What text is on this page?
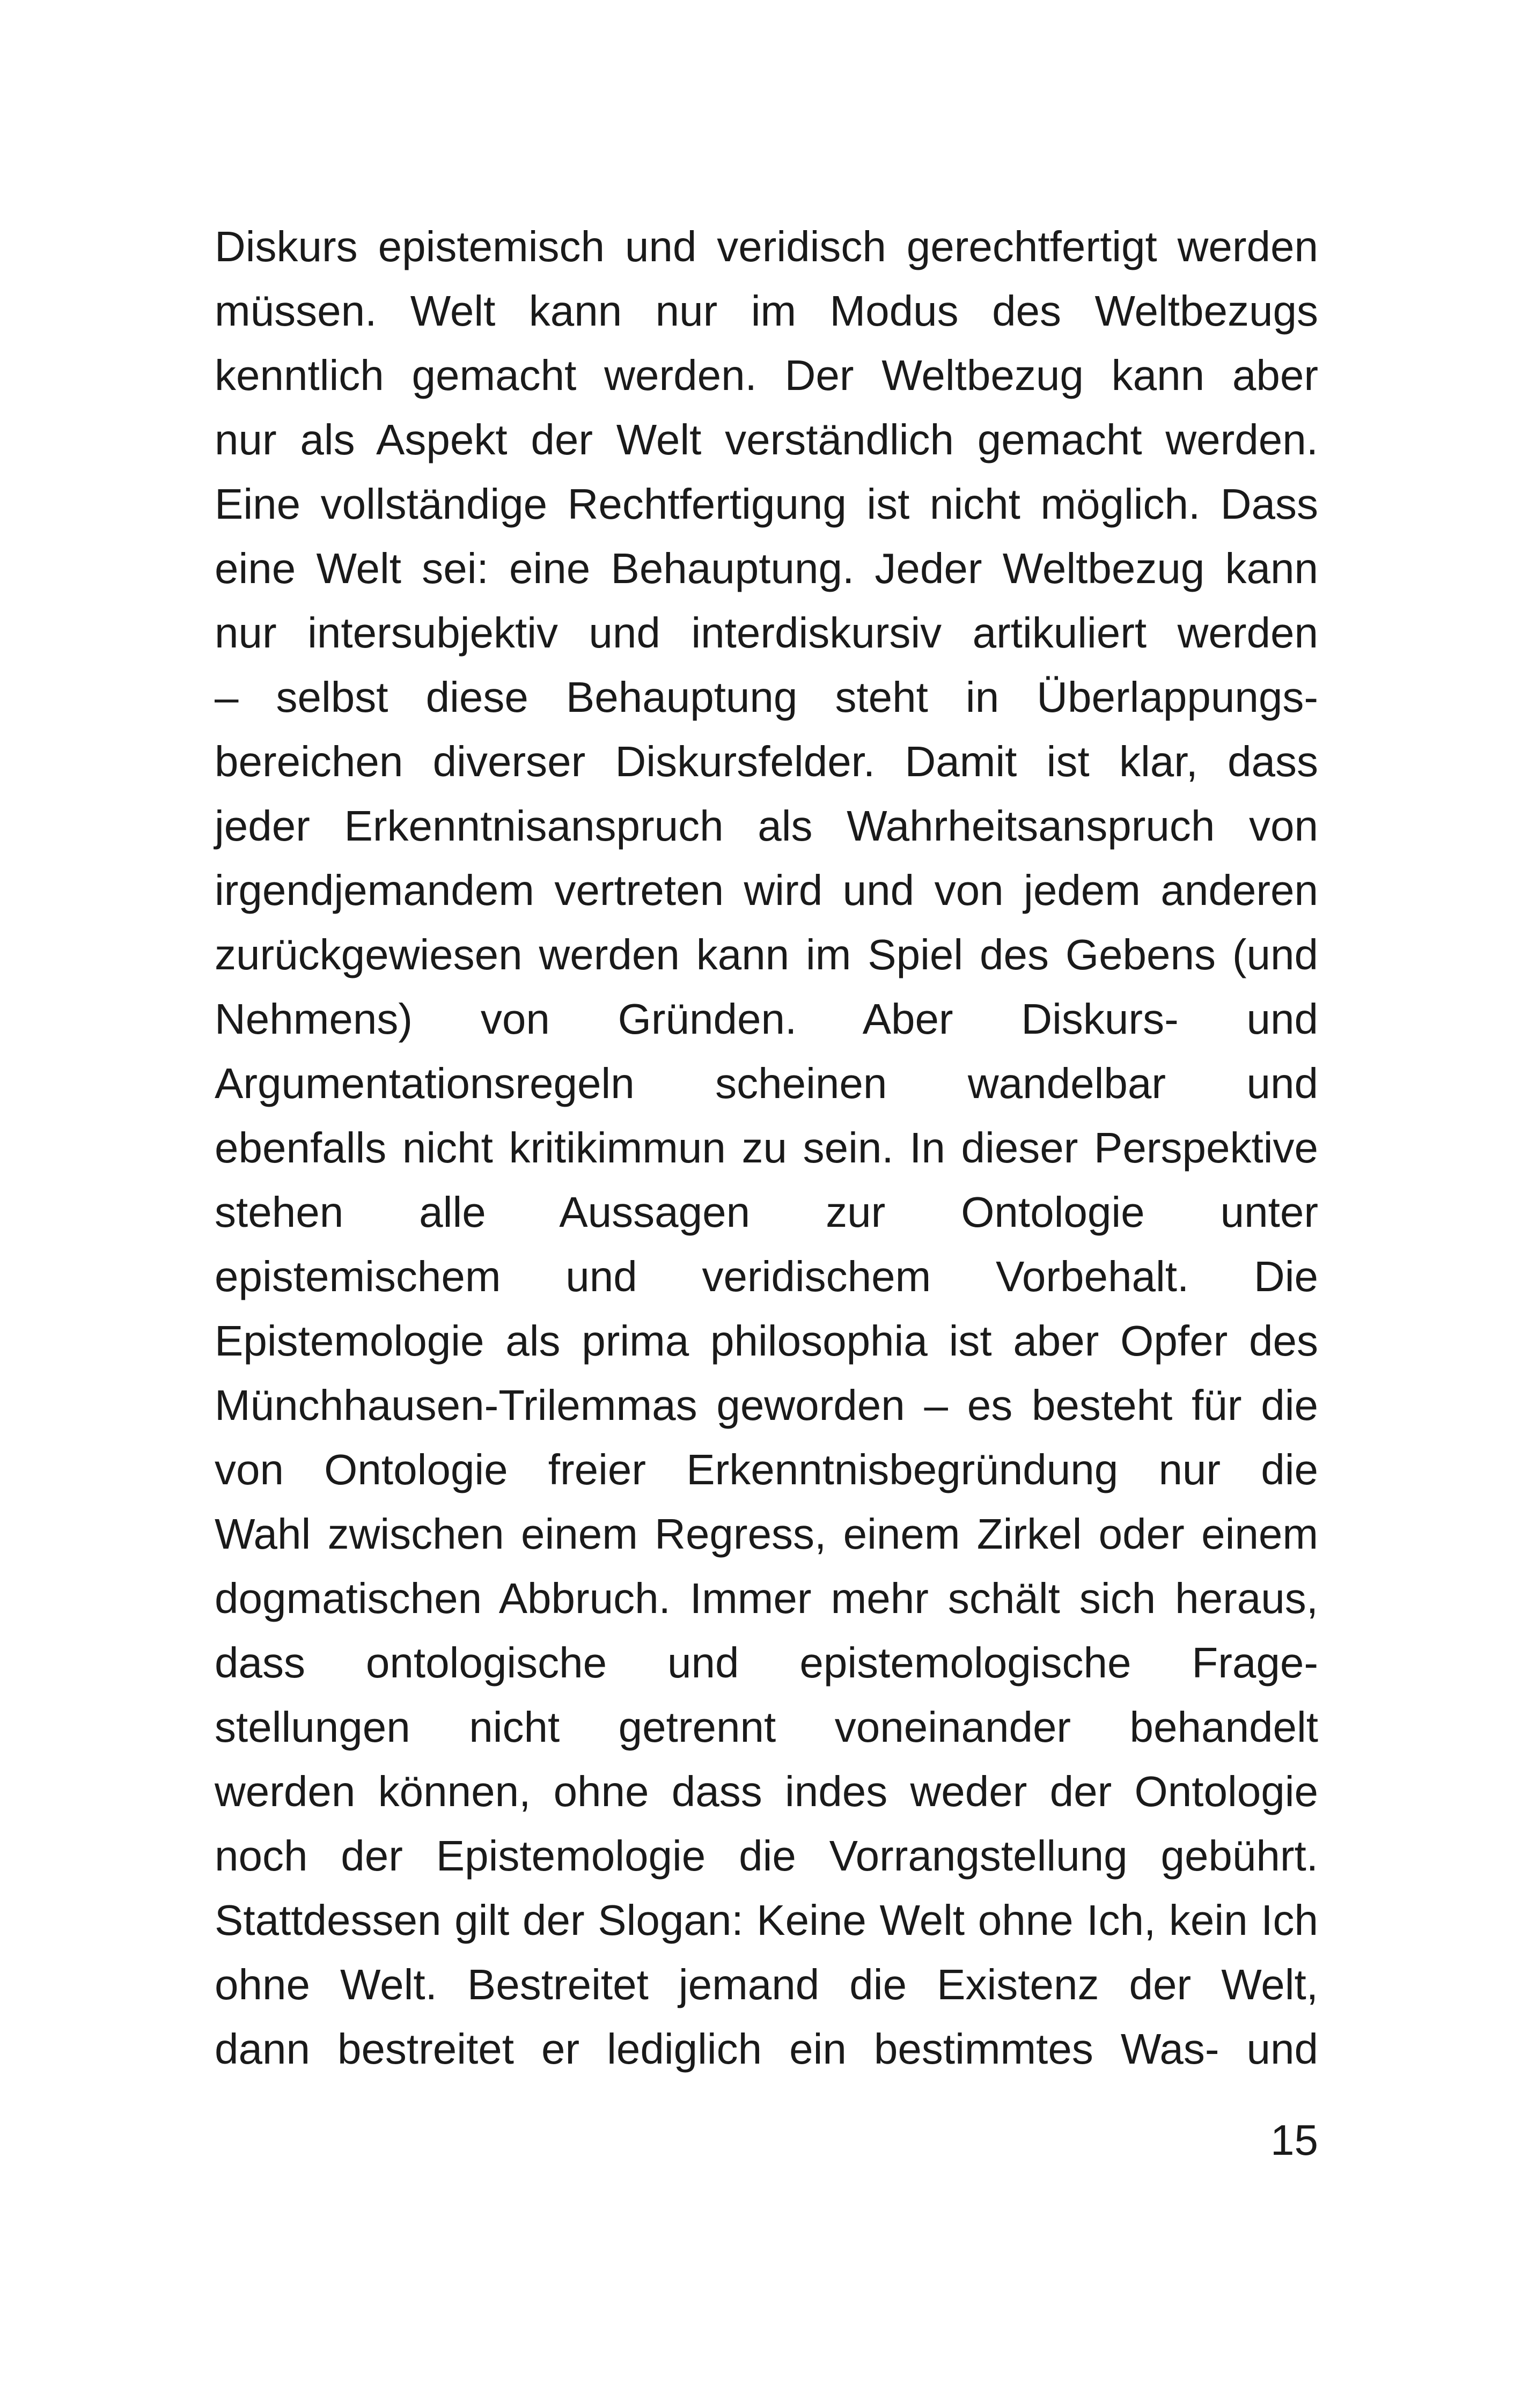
Diskurs epistemisch und veridisch gerechtfertigt werden
müssen. Welt kann nur im Modus des Weltbezugs
kenntlich gemacht werden. Der Weltbezug kann aber
nur als Aspekt der Welt verständlich gemacht werden.
Eine vollständige Rechtfertigung ist nicht möglich. Dass
eine Welt sei: eine Behauptung. Jeder Weltbezug kann
nur intersubjektiv und interdiskursiv artikuliert werden
– selbst diese Behauptung steht in Überlappungs-
bereichen diverser Diskursfelder. Damit ist klar, dass
jeder Erkenntnisanspruch als Wahrheitsanspruch von
irgendjemandem vertreten wird und von jedem anderen
zurückgewiesen werden kann im Spiel des Gebens (und
Nehmens) von Gründen. Aber Diskurs- und
Argumentationsregeln scheinen wandelbar und
ebenfalls nicht kritikimmun zu sein. In dieser Perspektive
stehen alle Aussagen zur Ontologie unter
epistemischem und veridischem Vorbehalt. Die
Epistemologie als prima philosophia ist aber Opfer des
Münchhausen-Trilemmas geworden – es besteht für die
von Ontologie freier Erkenntnisbegründung nur die
Wahl zwischen einem Regress, einem Zirkel oder einem
dogmatischen Abbruch. Immer mehr schält sich heraus,
dass ontologische und epistemologische Frage-
stellungen nicht getrennt voneinander behandelt
werden können, ohne dass indes weder der Ontologie
noch der Epistemologie die Vorrangstellung gebührt.
Stattdessen gilt der Slogan: Keine Welt ohne Ich, kein Ich
ohne Welt. Bestreitet jemand die Existenz der Welt,
dann bestreitet er lediglich ein bestimmtes Was- und
15
